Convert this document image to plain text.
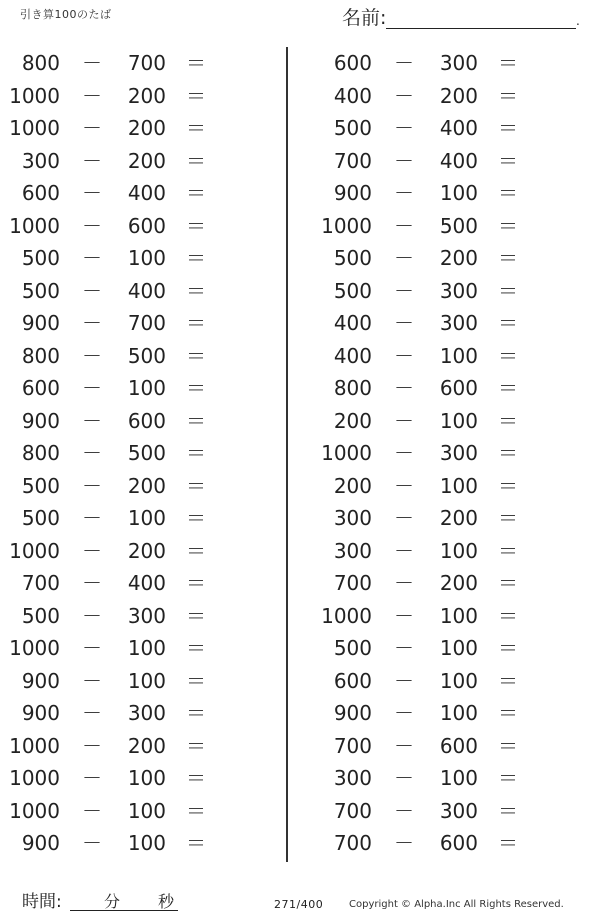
引き算100のたば	名前:	.
800 －	700 ＝
1000 －	200 ＝
1000 －	200 ＝
300 －	200 ＝
600 －	400 ＝
1000 －	600 ＝
500 －	100 ＝
500 －	400 ＝
900 －	700 ＝
800 －	500 ＝
600 －	100 ＝
900 －	600 ＝
800 －	500 ＝
500 －	200 ＝
500 －	100 ＝
1000 －	200 ＝
700 －	400 ＝
500 －	300 ＝
1000 －	100 ＝
900 －	100 ＝
900 －	300 ＝
1000 －	200 ＝
1000 －	100 ＝
1000 －	100 ＝
900 －	100 ＝
600 －	300 ＝
400 －	200 ＝
500 －	400 ＝
700 －	400 ＝
900 －	100 ＝
1000 －	500 ＝
500 －	200 ＝
500 －	300 ＝
400 －	300 ＝
400 －	100 ＝
800 －	600 ＝
200 －	100 ＝
1000 －	300 ＝
200 －	100 ＝
300 －	200 ＝
300 －	100 ＝
700 －	200 ＝
1000 －	100 ＝
500 －	100 ＝
600 －	100 ＝
900 －	100 ＝
700 －	600 ＝
300 －	100 ＝
700 －	300 ＝
700 －	600 ＝
時間:	分 秒	271/400	Copyright © Alpha.Inc All Rights Reserved.
